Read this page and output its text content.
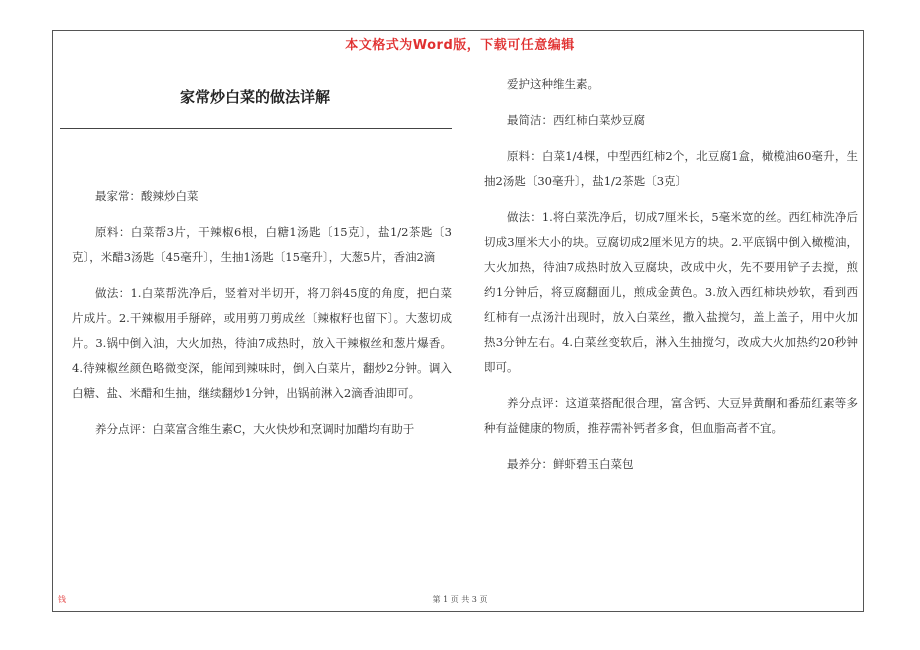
本文格式为Word版，下载可任意编辑
家常炒白菜的做法详解

最家常：酸辣炒白菜

原料：白菜帮3片，干辣椒6根，白糖1汤匙〔15克〕，盐1/2茶匙〔3克〕，米醋3汤匙〔45毫升〕，生抽1汤匙〔15毫升〕，大葱5片，香油2滴

做法：1.白菜帮洗净后，竖着对半切开，将刀斜45度的角度，把白菜片成片。2.干辣椒用手掰碎，或用剪刀剪成丝〔辣椒籽也留下〕。大葱切成片。3.锅中倒入油，大火加热，待油7成热时，放入干辣椒丝和葱片爆香。4.待辣椒丝颜色略微变深，能闻到辣味时，倒入白菜片，翻炒2分钟。调入白糖、盐、米醋和生抽，继续翻炒1分钟，出锅前淋入2滴香油即可。

养分点评：白菜富含维生素C，大火快炒和烹调时加醋均有助于

爱护这种维生素。

最简洁：西红柿白菜炒豆腐

原料：白菜1/4棵，中型西红柿2个，北豆腐1盒，橄榄油60毫升，生抽2汤匙〔30毫升〕，盐1/2茶匙〔3克〕

做法：1.将白菜洗净后，切成7厘米长，5毫米宽的丝。西红柿洗净后切成3厘米大小的块。豆腐切成2厘米见方的块。2.平底锅中倒入橄榄油，大火加热，待油7成热时放入豆腐块，改成中火，先不要用铲子去搅，煎约1分钟后，将豆腐翻面儿，煎成金黄色。3.放入西红柿块炒软，看到西红柿有一点汤汁出现时，放入白菜丝，撒入盐搅匀，盖上盖子，用中火加热3分钟左右。4.白菜丝变软后，淋入生抽搅匀，改成大火加热约20秒钟即可。

养分点评：这道菜搭配很合理，富含钙、大豆异黄酮和番茄红素等多种有益健康的物质，推荐需补钙者多食，但血脂高者不宜。

最养分：鲜虾碧玉白菜包

钱	第 1 页 共 3 页
